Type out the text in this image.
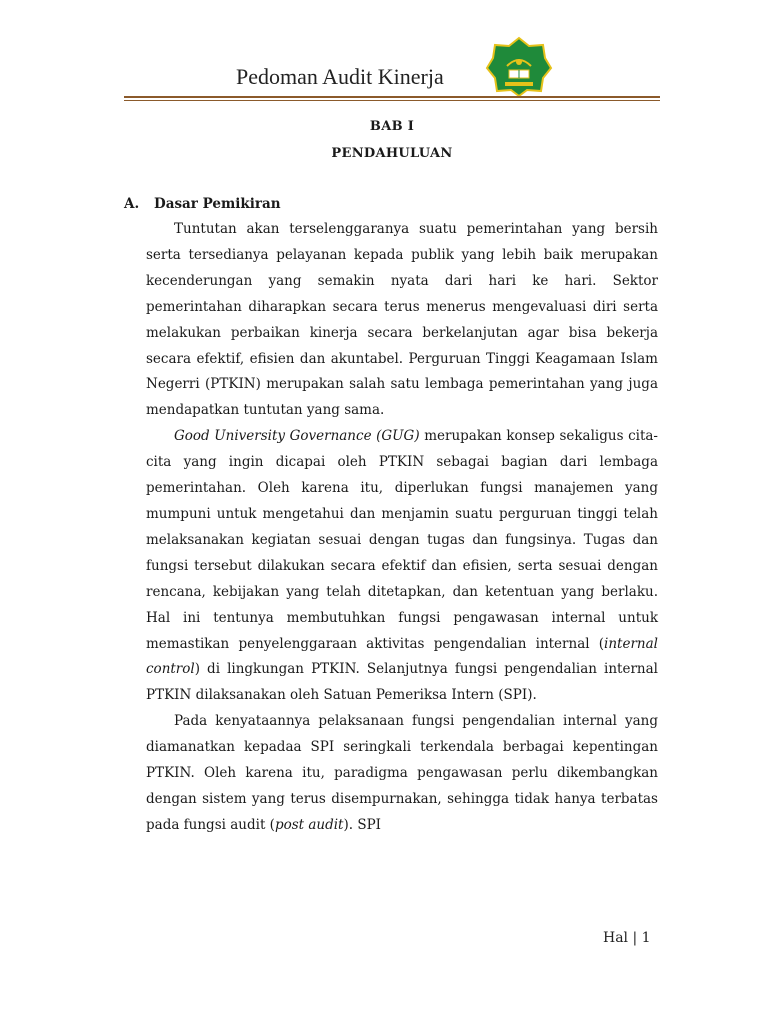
Pedoman Audit Kinerja
BAB I
PENDAHULUAN
A. Dasar Pemikiran

Tuntutan akan terselenggaranya suatu pemerintahan yang bersih serta tersedianya pelayanan kepada publik yang lebih baik merupakan kecenderungan yang semakin nyata dari hari ke hari. Sektor pemerintahan diharapkan secara terus menerus mengevaluasi diri serta melakukan perbaikan kinerja secara berkelanjutan agar bisa bekerja secara efektif, efisien dan akuntabel. Perguruan Tinggi Keagamaan Islam Negerri (PTKIN) merupakan salah satu lembaga pemerintahan yang juga mendapatkan tuntutan yang sama.

Good University Governance (GUG) merupakan konsep sekaligus cita-cita yang ingin dicapai oleh PTKIN sebagai bagian dari lembaga pemerintahan. Oleh karena itu, diperlukan fungsi manajemen yang mumpuni untuk mengetahui dan menjamin suatu perguruan tinggi telah melaksanakan kegiatan sesuai dengan tugas dan fungsinya. Tugas dan fungsi tersebut dilakukan secara efektif dan efisien, serta sesuai dengan rencana, kebijakan yang telah ditetapkan, dan ketentuan yang berlaku. Hal ini tentunya membutuhkan fungsi pengawasan internal untuk memastikan penyelenggaraan aktivitas pengendalian internal (internal control) di lingkungan PTKIN. Selanjutnya fungsi pengendalian internal PTKIN dilaksanakan oleh Satuan Pemeriksa Intern (SPI).

Pada kenyataannya pelaksanaan fungsi pengendalian internal yang diamanatkan kepadaa SPI seringkali terkendala berbagai kepentingan PTKIN. Oleh karena itu, paradigma pengawasan perlu dikembangkan dengan sistem yang terus disempurnakan, sehingga tidak hanya terbatas pada fungsi audit (post audit). SPI

Hal | 1
